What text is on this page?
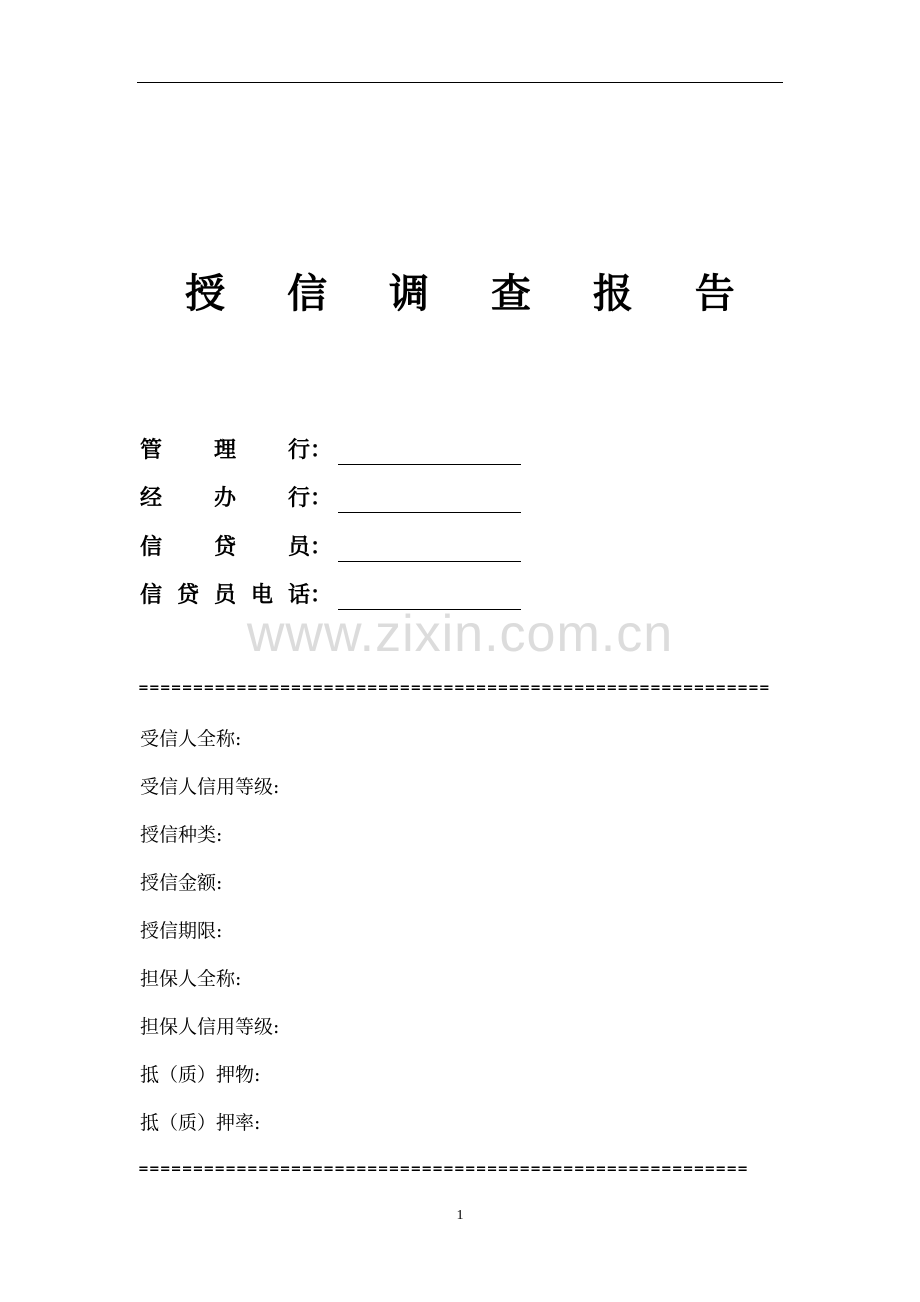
授 信 调 查 报 告
管 理 行：
经 办 行：
信 贷 员：
信 贷 员 电 话：
www.zixin.com.cn
==========================================================
受信人全称:
受信人信用等级:
授信种类:
授信金额:
授信期限:
担保人全称:
担保人信用等级:
抵（质）押物:
抵（质）押率:
========================================================
1
